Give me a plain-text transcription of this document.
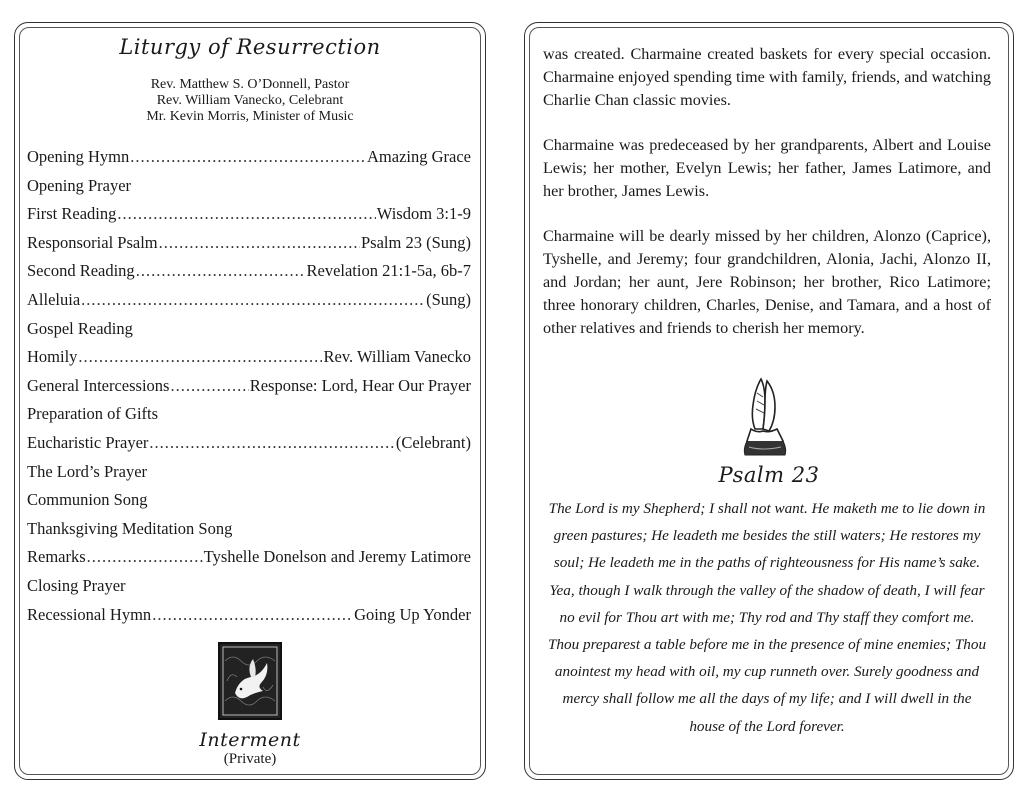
Liturgy of Resurrection
Rev. Matthew S. O’Donnell, Pastor
Rev. William Vanecko, Celebrant
Mr. Kevin Morris, Minister of Music
Opening Hymn .....	Amazing Grace
Opening Prayer
First Reading .....	Wisdom 3:1-9
Responsorial Psalm .....	Psalm 23 (Sung)
Second Reading .....	Revelation 21:1-5a, 6b-7
Alleluia .....	(Sung)
Gospel Reading
Homily .....	Rev. William Vanecko
General Intercessions .....	Response: Lord, Hear Our Prayer
Preparation of Gifts
Eucharistic Prayer .....	(Celebrant)
The Lord’s Prayer
Communion Song
Thanksgiving Meditation Song
Remarks .....	Tyshelle Donelson and Jeremy Latimore
Closing Prayer
Recessional Hymn .....	Going Up Yonder
Interment
(Private)

was created. Charmaine created baskets for every special occasion. Charmaine enjoyed spending time with family, friends, and watching Charlie Chan classic movies.

Charmaine was predeceased by her grandparents, Albert and Louise Lewis; her mother, Evelyn Lewis; her father, James Latimore, and her brother, James Lewis.

Charmaine will be dearly missed by her children, Alonzo (Caprice), Tyshelle, and Jeremy; four grandchildren, Alonia, Jachi, Alonzo II, and Jordan; her aunt, Jere Robinson; her brother, Rico Latimore; three honorary children, Charles, Denise, and Tamara, and a host of other relatives and friends to cherish her memory.

Psalm 23
The Lord is my Shepherd; I shall not want. He maketh me to lie down in green pastures; He leadeth me besides the still waters; He restores my soul; He leadeth me in the paths of righteousness for His name’s sake. Yea, though I walk through the valley of the shadow of death, I will fear no evil for Thou art with me; Thy rod and Thy staff they comfort me. Thou preparest a table before me in the presence of mine enemies; Thou anointest my head with oil, my cup runneth over. Surely goodness and mercy shall follow me all the days of my life; and I will dwell in the house of the Lord forever.
